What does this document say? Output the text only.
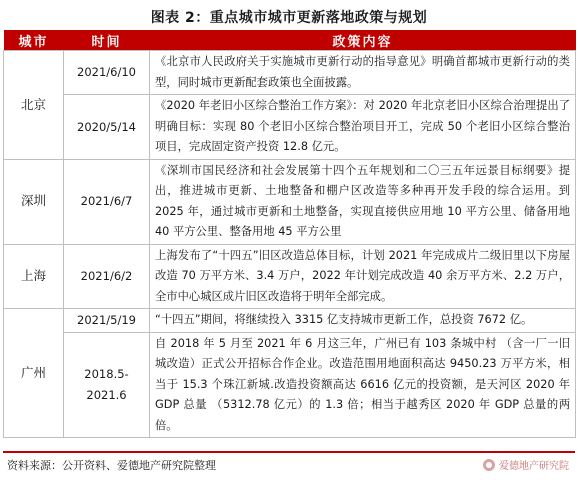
图表 2：重点城市城市更新落地政策与规划
城市	时间	政策内容
北京	2021/6/10	《北京市人民政府关于实施城市更新行动的指导意见》明确首都城市更新行动的类型，同时城市更新配套政策也全面披露。
	2020/5/14	《2020 年老旧小区综合整治工作方案》：对 2020 年北京老旧小区综合治理提出了明确目标：实现 80 个老旧小区综合整治项目开工，完成 50 个老旧小区综合整治项目，完成固定资产投资 12.8 亿元。
深圳	2021/6/7	《深圳市国民经济和社会发展第十四个五年规划和二〇三五年远景目标纲要》提出，推进城市更新、土地整备和棚户区改造等多种再开发手段的综合运用。到 2025 年，通过城市更新和土地整备，实现直接供应用地 10 平方公里、储备用地 40 平方公里、整备用地 45 平方公里
上海	2021/6/2	上海发布了“十四五”旧区改造总体目标，计划 2021 年完成成片二级旧里以下房屋改造 70 万平方米、3.4 万户，2022 年计划完成改造 40 余万平方米、2.2 万户，全市中心城区成片旧区改造将于明年全部完成。
广州	2021/5/19	“十四五”期间，将继续投入 3315 亿支持城市更新工作，总投资 7672 亿。
	2018.5-2021.6	自 2018 年 5 月至 2021 年 6 月这三年，广州已有 103 条城中村 （含一厂一旧城改造）正式公开招标合作企业。改造范围用地面积高达 9450.23 万平方米，相当于 15.3 个珠江新城.改造投资额高达 6616 亿元的投资额，是天河区 2020 年 GDP 总量 （5312.78 亿元）的 1.3 倍；相当于越秀区 2020 年 GDP 总量的两倍。
资料来源：公开资料、爱德地产研究院整理	爱德地产研究院
